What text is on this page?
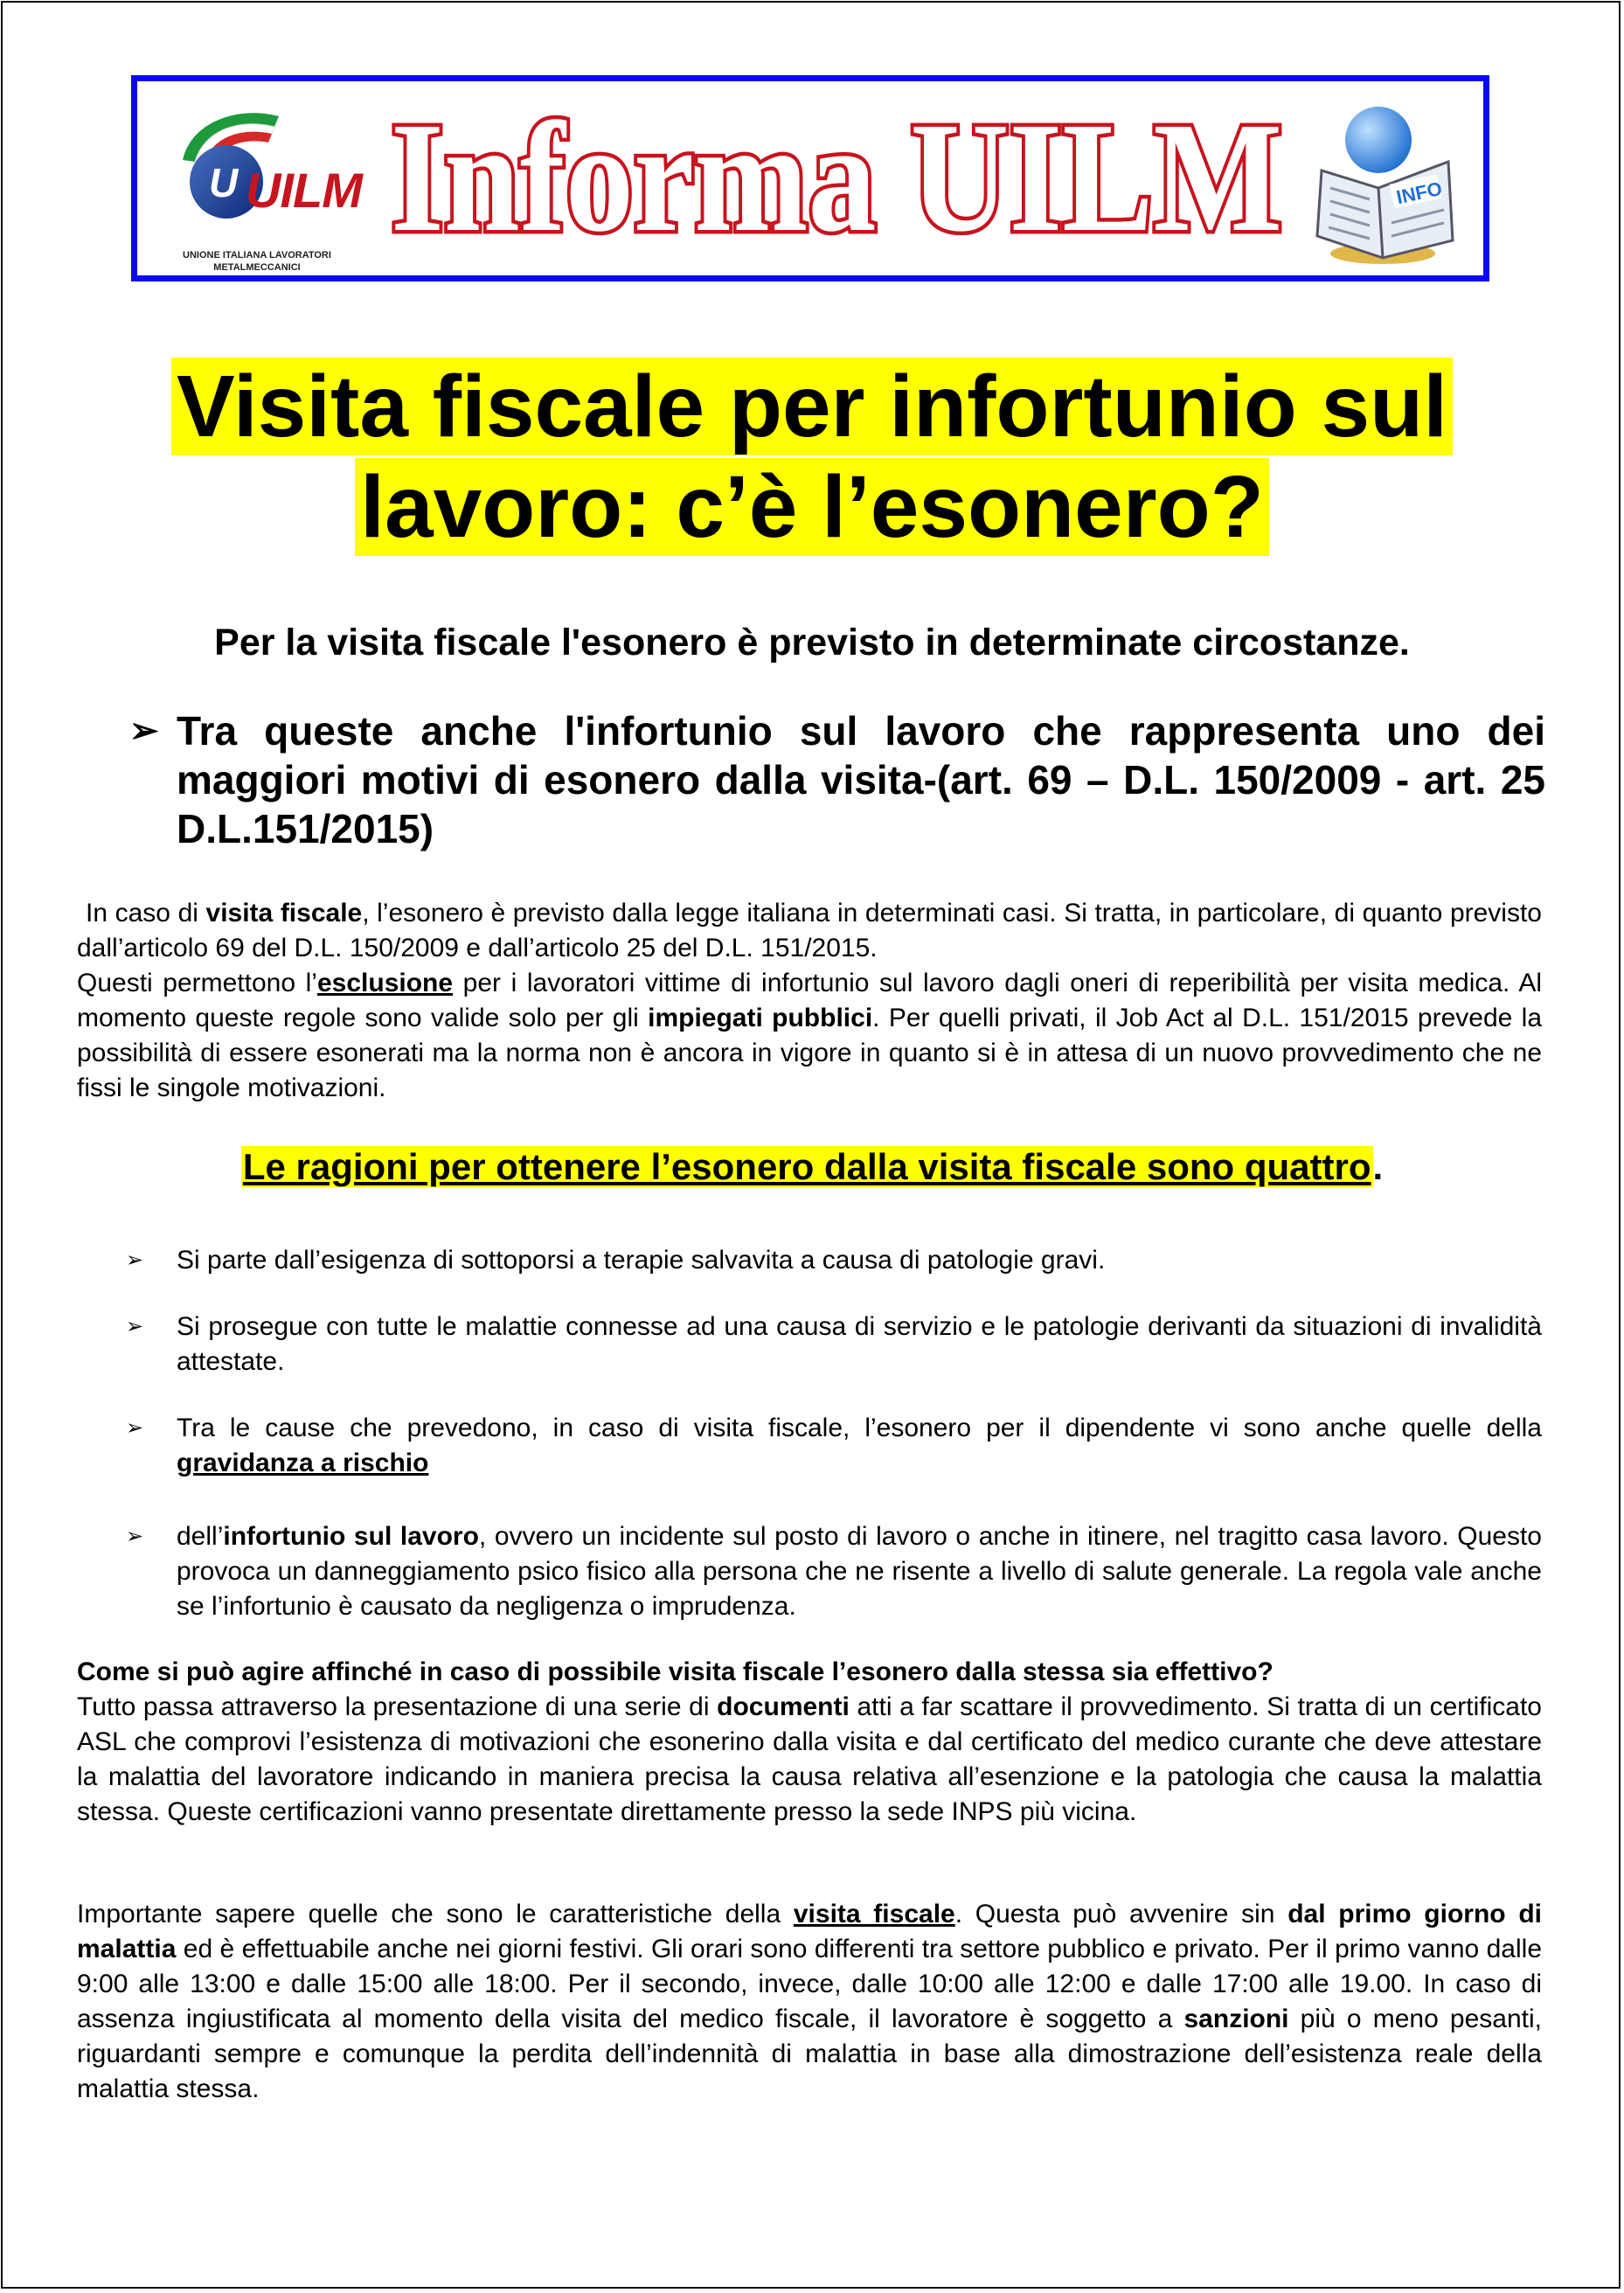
U UILM
UNIONE ITALIANA LAVORATORI METALMECCANICI
Informa UILM	INFO
Visita fiscale per infortunio sul
lavoro: c’è l’esonero?
Per la visita fiscale l'esonero è previsto in determinate circostanze.
➢ Tra queste anche l'infortunio sul lavoro che rappresenta uno dei maggiori motivi di esonero dalla visita-(art. 69 – D.L. 150/2009 - art. 25 D.L.151/2015)
In caso di visita fiscale, l’esonero è previsto dalla legge italiana in determinati casi. Si tratta, in particolare, di quanto previsto dall’articolo 69 del D.L. 150/2009 e dall’articolo 25 del D.L. 151/2015.
Questi permettono l’esclusione per i lavoratori vittime di infortunio sul lavoro dagli oneri di reperibilità per visita medica. Al momento queste regole sono valide solo per gli impiegati pubblici. Per quelli privati, il Job Act al D.L. 151/2015 prevede la possibilità di essere esonerati ma la norma non è ancora in vigore in quanto si è in attesa di un nuovo provvedimento che ne fissi le singole motivazioni.
Le ragioni per ottenere l’esonero dalla visita fiscale sono quattro.
➢ Si parte dall’esigenza di sottoporsi a terapie salvavita a causa di patologie gravi.
➢ Si prosegue con tutte le malattie connesse ad una causa di servizio e le patologie derivanti da situazioni di invalidità attestate.
➢ Tra le cause che prevedono, in caso di visita fiscale, l’esonero per il dipendente vi sono anche quelle della gravidanza a rischio
➢ dell’infortunio sul lavoro, ovvero un incidente sul posto di lavoro o anche in itinere, nel tragitto casa lavoro. Questo provoca un danneggiamento psico fisico alla persona che ne risente a livello di salute generale. La regola vale anche se l’infortunio è causato da negligenza o imprudenza.
Come si può agire affinché in caso di possibile visita fiscale l’esonero dalla stessa sia effettivo?
Tutto passa attraverso la presentazione di una serie di documenti atti a far scattare il provvedimento. Si tratta di un certificato ASL che comprovi l’esistenza di motivazioni che esonerino dalla visita e dal certificato del medico curante che deve attestare la malattia del lavoratore indicando in maniera precisa la causa relativa all’esenzione e la patologia che causa la malattia stessa. Queste certificazioni vanno presentate direttamente presso la sede INPS più vicina.
Importante sapere quelle che sono le caratteristiche della visita fiscale. Questa può avvenire sin dal primo giorno di malattia ed è effettuabile anche nei giorni festivi. Gli orari sono differenti tra settore pubblico e privato. Per il primo vanno dalle 9:00 alle 13:00 e dalle 15:00 alle 18:00. Per il secondo, invece, dalle 10:00 alle 12:00 e dalle 17:00 alle 19.00. In caso di assenza ingiustificata al momento della visita del medico fiscale, il lavoratore è soggetto a sanzioni più o meno pesanti, riguardanti sempre e comunque la perdita dell’indennità di malattia in base alla dimostrazione dell’esistenza reale della malattia stessa.
